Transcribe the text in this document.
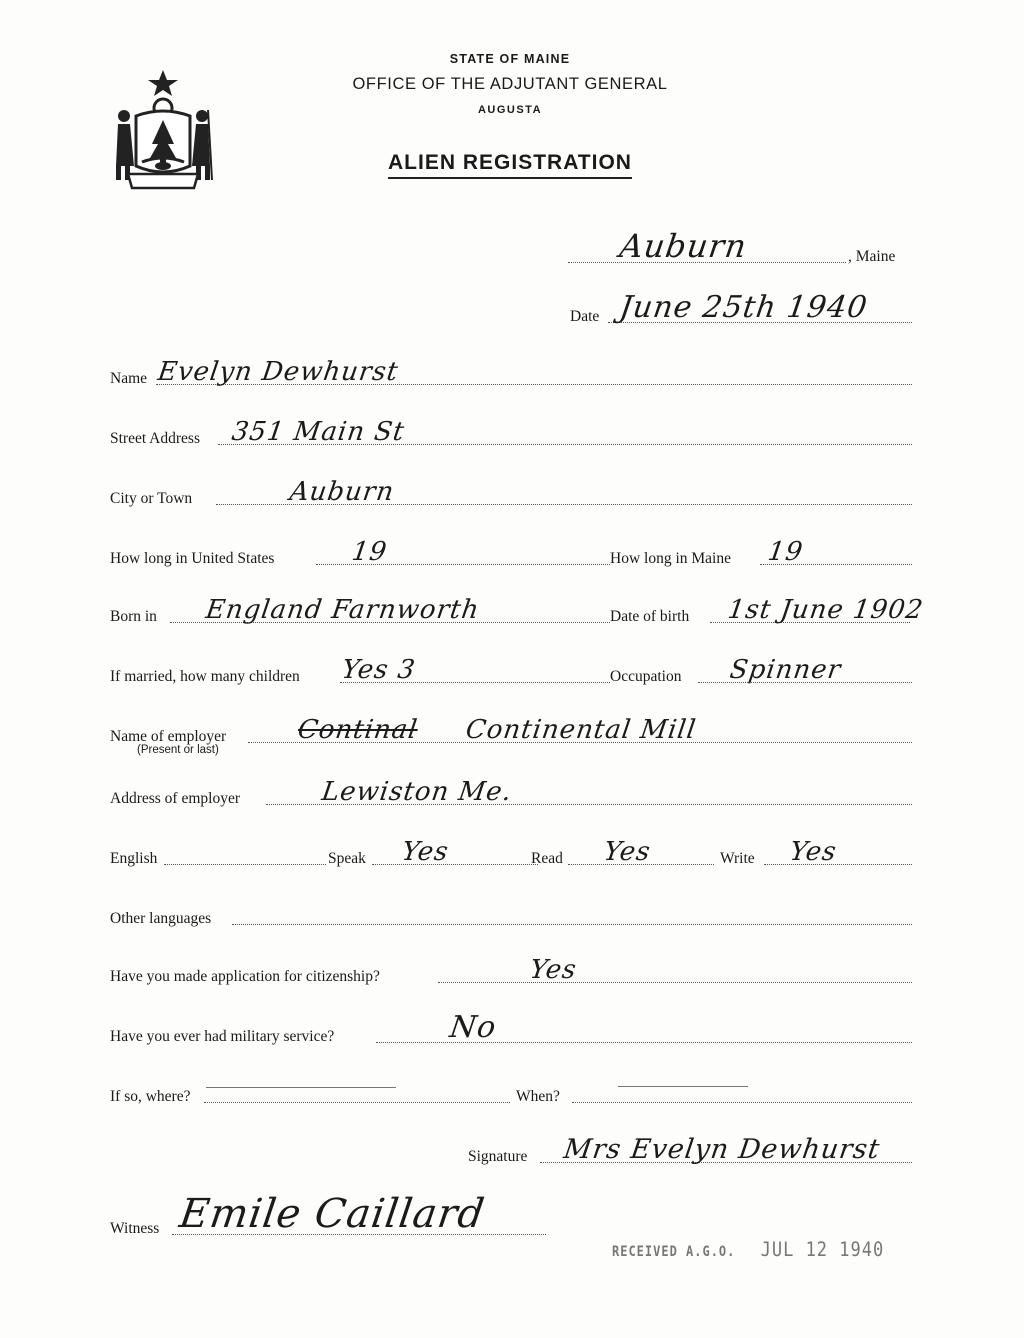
STATE OF MAINE
OFFICE OF THE ADJUTANT GENERAL
AUGUSTA
ALIEN REGISTRATION
Auburn	, Maine
Date June 25th 1940
Name Evelyn Dewhurst
Street Address 351 Main St
City or Town	Auburn
How long in United States	19	How long in Maine 19
Born in England Farnworth	Date of birth 1st June 1902
If married, how many children Yes 3	Occupation Spinner
Name of employer	Continal Continental Mill
(Present or last)
Address of employer	Lewiston Me.
English	Speak Yes	Read Yes	Write Yes
Other languages
Have you made application for citizenship?	Yes
Have you ever had military service?	No
If so, where?	When?
Signature Mrs Evelyn Dewhurst
Witness Emile Caillard
RECEIVED A.G.O. JUL 12 1940
